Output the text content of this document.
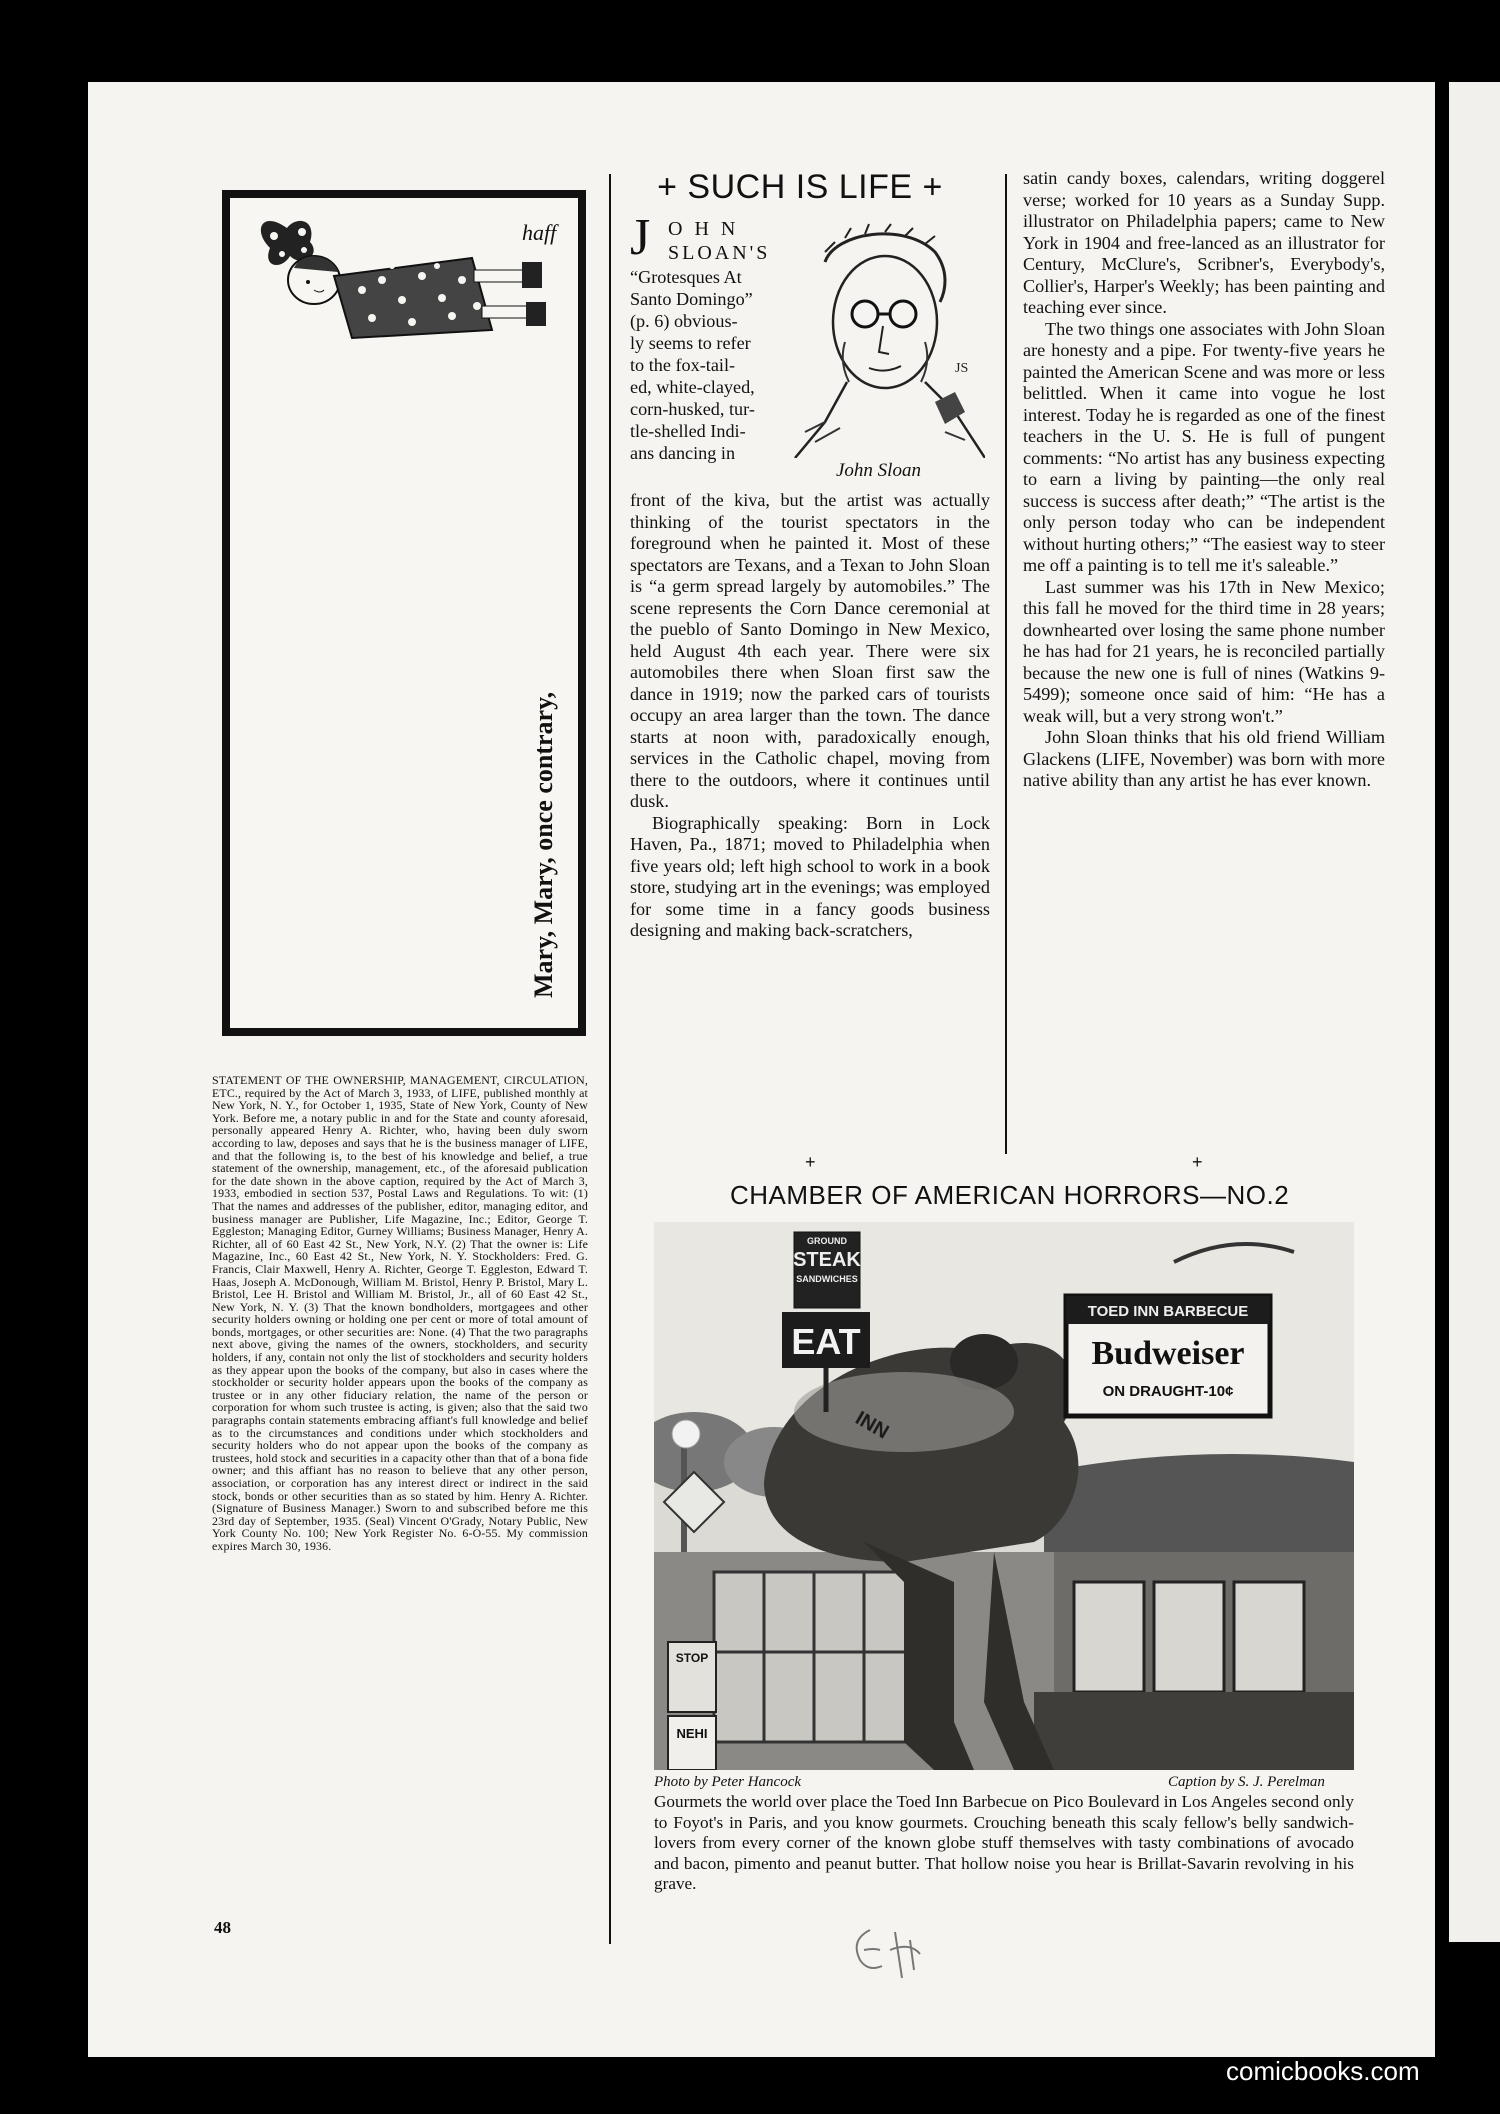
haff
Mary, Mary, once contrary,
STATEMENT OF THE OWNERSHIP, MANAGEMENT, CIRCULATION, ETC., required by the Act of March 3, 1933, of LIFE, published monthly at New York, N. Y., for October 1, 1935, State of New York, County of New York. Before me, a notary public in and for the State and county aforesaid, personally appeared Henry A. Richter, who, having been duly sworn according to law, deposes and says that he is the business manager of LIFE, and that the following is, to the best of his knowledge and belief, a true statement of the ownership, management, etc., of the aforesaid publication for the date shown in the above caption, required by the Act of March 3, 1933, embodied in section 537, Postal Laws and Regulations. To wit: (1) That the names and addresses of the publisher, editor, managing editor, and business manager are Publisher, Life Magazine, Inc.; Editor, George T. Eggleston; Managing Editor, Gurney Williams; Business Manager, Henry A. Richter, all of 60 East 42 St., New York, N.Y. (2) That the owner is: Life Magazine, Inc., 60 East 42 St., New York, N. Y. Stockholders: Fred. G. Francis, Clair Maxwell, Henry A. Richter, George T. Eggleston, Edward T. Haas, Joseph A. McDonough, William M. Bristol, Henry P. Bristol, Mary L. Bristol, Lee H. Bristol and William M. Bristol, Jr., all of 60 East 42 St., New York, N. Y. (3) That the known bondholders, mortgagees and other security holders owning or holding one per cent or more of total amount of bonds, mortgages, or other securities are: None. (4) That the two paragraphs next above, giving the names of the owners, stockholders, and security holders, if any, contain not only the list of stockholders and security holders as they appear upon the books of the company, but also in cases where the stockholder or security holder appears upon the books of the company as trustee or in any other fiduciary relation, the name of the person or corporation for whom such trustee is acting, is given; also that the said two paragraphs contain statements embracing affiant's full knowledge and belief as to the circumstances and conditions under which stockholders and security holders who do not appear upon the books of the company as trustees, hold stock and securities in a capacity other than that of a bona fide owner; and this affiant has no reason to believe that any other person, association, or corporation has any interest direct or indirect in the said stock, bonds or other securities than as so stated by him. Henry A. Richter. (Signature of Business Manager.) Sworn to and subscribed before me this 23rd day of September, 1935. (Seal) Vincent O'Grady, Notary Public, New York County No. 100; New York Register No. 6-O-55. My commission expires March 30, 1936.
48
+ SUCH IS LIFE +
J OHN
SLOAN'S
“Grotesques At
Santo Domingo”
(p. 6) obvious-
ly seems to refer
to the fox-tail-
ed, white-clayed,
corn-husked, tur-
tle-shelled Indi-
ans dancing in
JS
John Sloan

front of the kiva, but the artist was actually thinking of the tourist spectators in the foreground when he painted it. Most of these spectators are Texans, and a Texan to John Sloan is “a germ spread largely by automobiles.” The scene represents the Corn Dance ceremonial at the pueblo of Santo Domingo in New Mexico, held August 4th each year. There were six automobiles there when Sloan first saw the dance in 1919; now the parked cars of tourists occupy an area larger than the town. The dance starts at noon with, paradoxically enough, services in the Catholic chapel, moving from there to the outdoors, where it continues until dusk.

Biographically speaking: Born in Lock Haven, Pa., 1871; moved to Philadelphia when five years old; left high school to work in a book store, studying art in the evenings; was employed for some time in a fancy goods business designing and making back-scratchers,

satin candy boxes, calendars, writing doggerel verse; worked for 10 years as a Sunday Supp. illustrator on Philadelphia papers; came to New York in 1904 and free-lanced as an illustrator for Century, McClure's, Scribner's, Everybody's, Collier's, Harper's Weekly; has been painting and teaching ever since.

The two things one associates with John Sloan are honesty and a pipe. For twenty-five years he painted the American Scene and was more or less belittled. When it came into vogue he lost interest. Today he is regarded as one of the finest teachers in the U. S. He is full of pungent comments: “No artist has any business expecting to earn a living by painting—the only real success is success after death;” “The artist is the only person today who can be independent without hurting others;” “The easiest way to steer me off a painting is to tell me it's saleable.”

Last summer was his 17th in New Mexico; this fall he moved for the third time in 28 years; downhearted over losing the same phone number he has had for 21 years, he is reconciled partially because the new one is full of nines (Watkins 9-5499); someone once said of him: “He has a weak will, but a very strong won't.”

John Sloan thinks that his old friend William Glackens (LIFE, November) was born with more native ability than any artist he has ever known.

+	+
CHAMBER OF AMERICAN HORRORS—NO.2
INN
GROUND
STEAK
SANDWICHES
EAT
TOED INN BARBECUE
Budweiser
ON DRAUGHT-10¢
STOP
NEHI
Photo by Peter Hancock	Caption by S. J. Perelman
Gourmets the world over place the Toed Inn Barbecue on Pico Boulevard in Los Angeles second only to Foyot's in Paris, and you know gourmets. Crouching beneath this scaly fellow's belly sandwich-lovers from every corner of the known globe stuff themselves with tasty combinations of avocado and bacon, pimento and peanut butter. That hollow noise you hear is Brillat-Savarin revolving in his grave.
comicbooks.com
